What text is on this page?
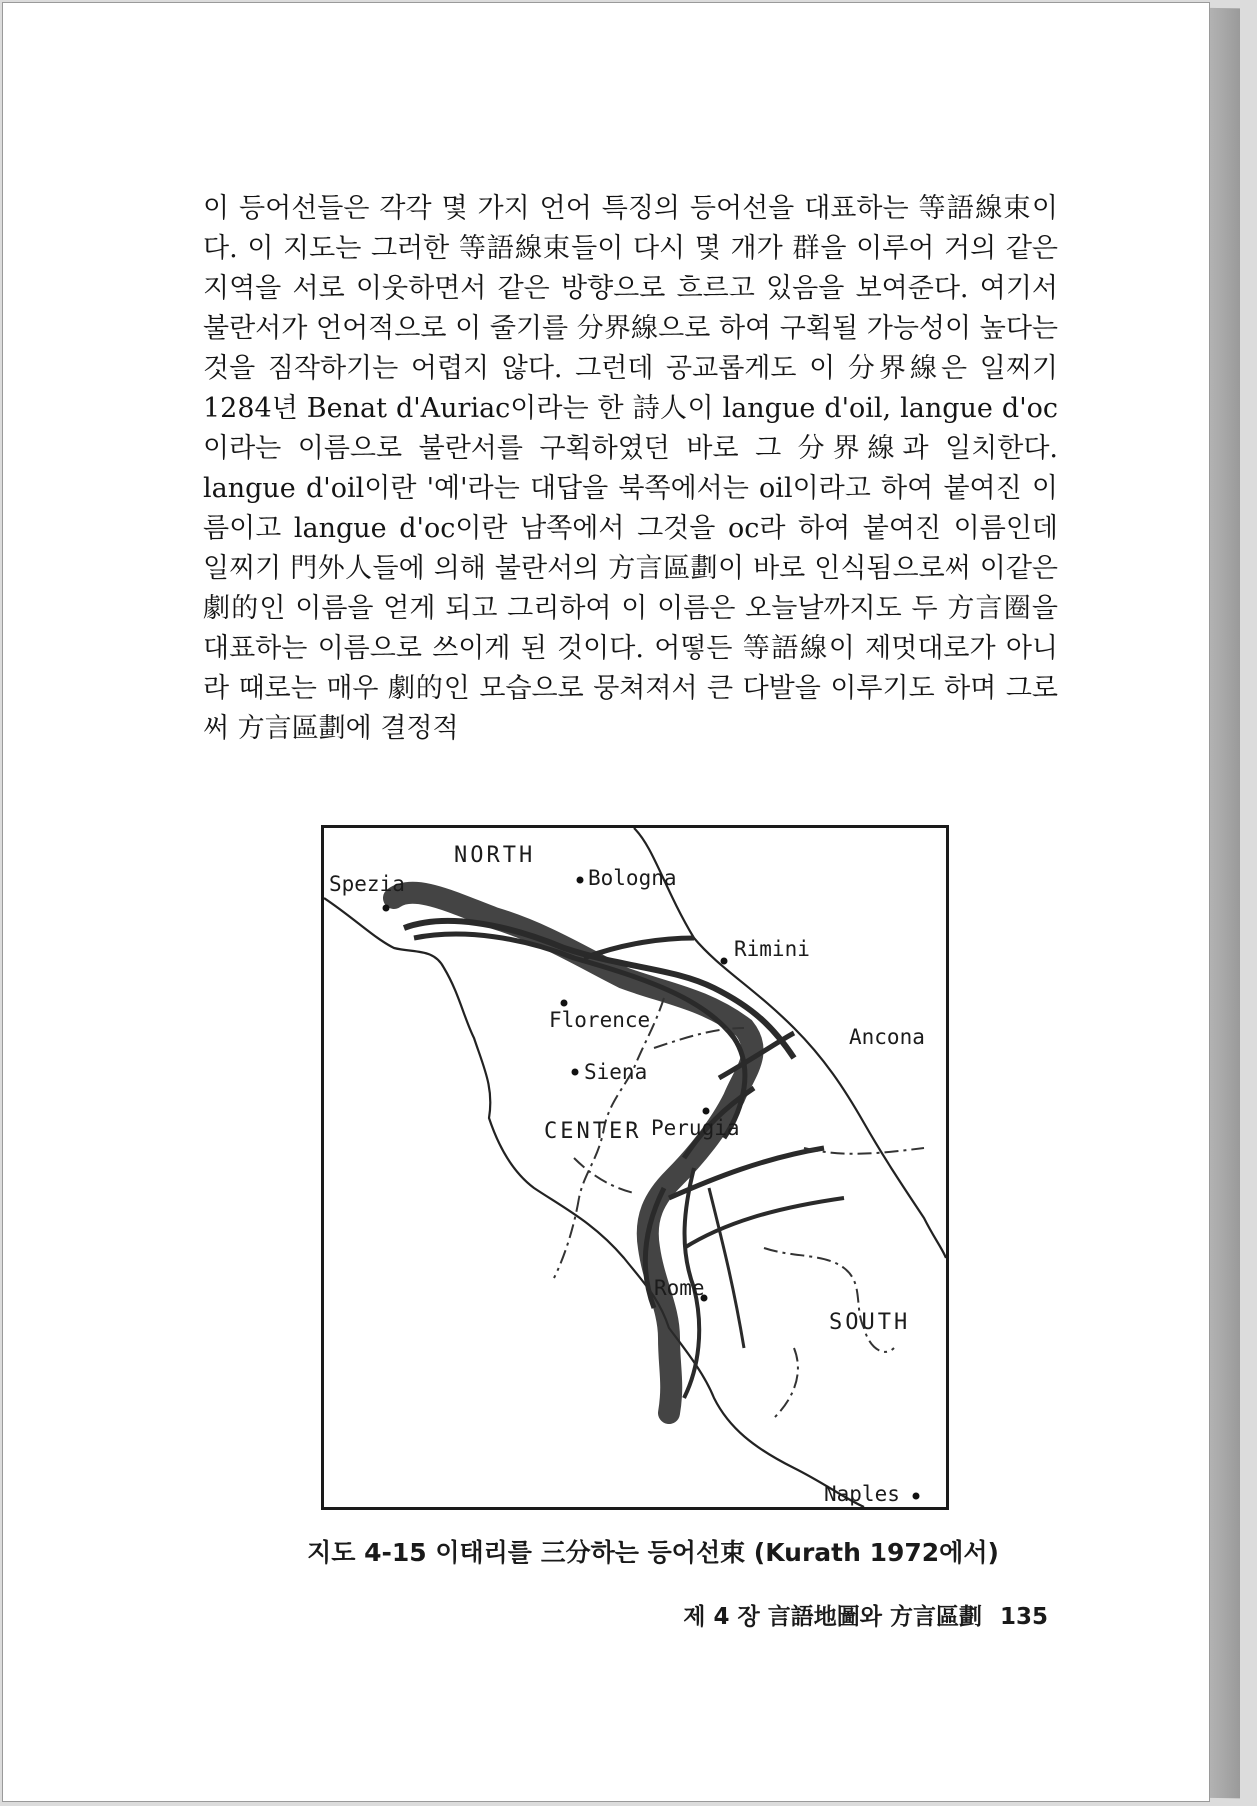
이 등어선들은 각각 몇 가지 언어 특징의 등어선을 대표하는 等語線束이다. 이 지도는 그러한 等語線束들이 다시 몇 개가 群을 이루어 거의 같은 지역을 서로 이웃하면서 같은 방향으로 흐르고 있음을 보여준다. 여기서 불란서가 언어적으로 이 줄기를 分界線으로 하여 구획될 가능성이 높다는 것을 짐작하기는 어렵지 않다. 그런데 공교롭게도 이 分界線은 일찌기 1284년 Benat d'Auriac이라는 한 詩人이 langue d'oil, langue d'oc이라는 이름으로 불란서를 구획하였던 바로 그 分界線과 일치한다. langue d'oil이란 '예'라는 대답을 북쪽에서는 oil이라고 하여 붙여진 이름이고 langue d'oc이란 남쪽에서 그것을 oc라 하여 붙여진 이름인데 일찌기 門外人들에 의해 불란서의 方言區劃이 바로 인식됨으로써 이같은 劇的인 이름을 얻게 되고 그리하여 이 이름은 오늘날까지도 두 方言圈을 대표하는 이름으로 쓰이게 된 것이다. 어떻든 等語線이 제멋대로가 아니라 때로는 매우 劇的인 모습으로 뭉쳐져서 큰 다발을 이루기도 하며 그로써 方言區劃에 결정적

NORTH
CENTER
SOUTH
Spezia	Bologna
Rimini
Florence
Ancona
Siena
Perugia
Rome
Naples

지도 4-15 이태리를 三分하는 등어선束 (Kurath 1972에서)

제 4 장 言語地圖와 方言區劃 135
